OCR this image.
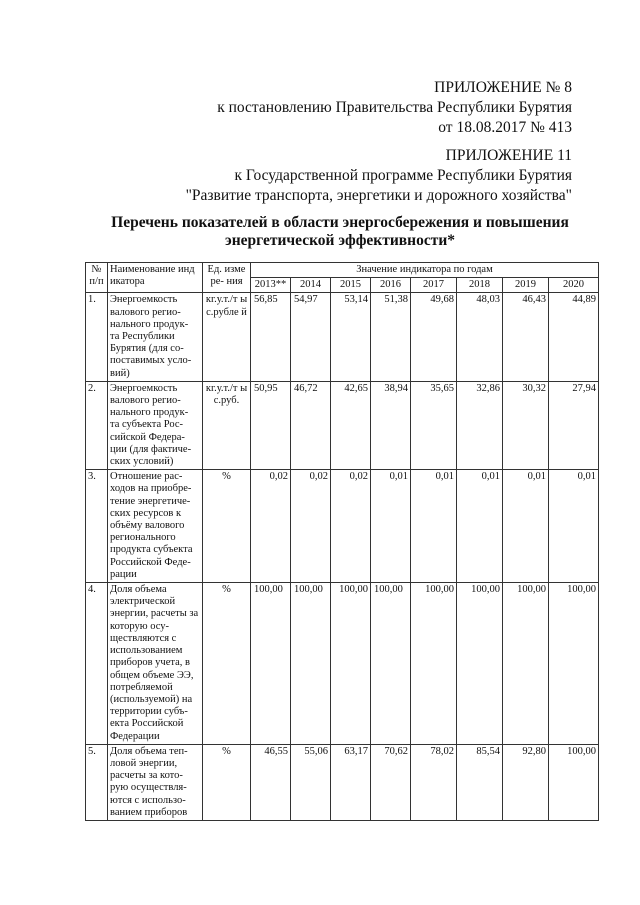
ПРИЛОЖЕНИЕ № 8
к постановлению Правительства Республики Бурятия
от 18.08.2017 № 413
ПРИЛОЖЕНИЕ 11
к Государственной программе Республики Бурятия
"Развитие транспорта, энергетики и дорожного хозяйства"
Перечень показателей в области энергосбережения и повышения
энергетической эффективности*
№ п/п	Наименование индикатора	Ед. измере- ния	Значение индикатора по годам							
			2013**	2014	2015	2016	2017	2018	2019	2020
1.	Энергоемкость валового регио- нального продук- та Республики Бурятия (для со- поставимых усло- вий)	кг.у.т./т ыс.рубле й	56,85	54,97	53,14	51,38	49,68	48,03	46,43	44,89
2.	Энергоемкость валового регио- нального продук- та субъекта Рос- сийской Федера- ции (для фактиче- ских условий)	кг.у.т./т ыс.руб.	50,95	46,72	42,65	38,94	35,65	32,86	30,32	27,94
3.	Отношение рас- ходов на приобре- тение энергетиче- ских ресурсов к объёму валового регионального продукта субъекта Российской Феде- рации	%	0,02	0,02	0,02	0,01	0,01	0,01	0,01	0,01
4.	Доля объема электрической энергии, расчеты за которую осу- ществляются с использованием приборов учета, в общем объеме ЭЭ, потребляемой (используемой) на территории субъ- екта Российской Федерации	%	100,00	100,00	100,00	100,00	100,00	100,00	100,00	100,00
5.	Доля объема теп- ловой энергии, расчеты за кото- рую осуществля- ются с использо- ванием приборов	%	46,55	55,06	63,17	70,62	78,02	85,54	92,80	100,00
